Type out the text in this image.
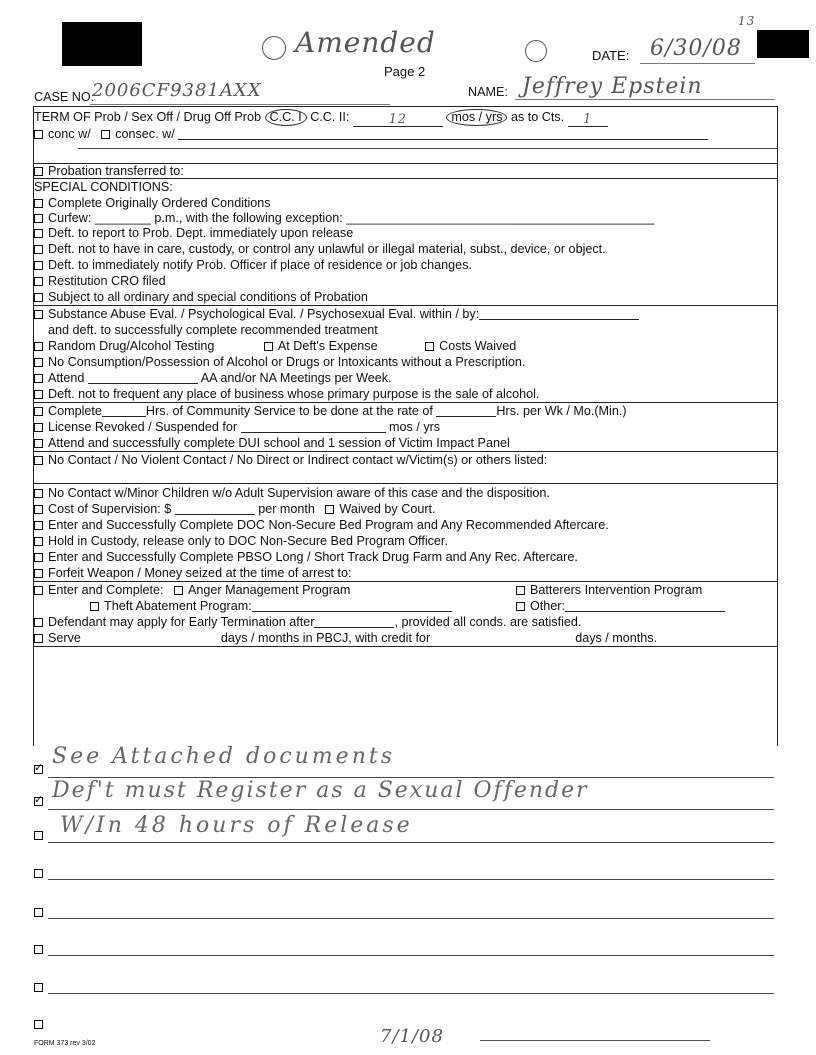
Amended
Page 2
DATE: 6/30/08
13
CASE NO.
2006CF9381AXX	NAME: Jeffrey Epstein
TERM OF Prob / Sex Off / Drug Off Prob C.C. I C.C. II:	12	mos / yrs as to Cts. 1
conc w/ consec. w/
Probation transferred to:
SPECIAL CONDITIONS:
Complete Originally Ordered Conditions
Curfew: ________ p.m., with the following exception: ____________________________________________
Deft. to report to Prob. Dept. immediately upon release
Deft. not to have in care, custody, or control any unlawful or illegal material, subst., device, or object.
Deft. to immediately notify Prob. Officer if place of residence or job changes.
Restitution CRO filed
Subject to all ordinary and special conditions of Probation
Substance Abuse Eval. / Psychological Eval. / Psychosexual Eval. within / by:
and deft. to successfully complete recommended treatment
Random Drug/Alcohol Testing	At Deft's Expense	Costs Waived
No Consumption/Possession of Alcohol or Drugs or Intoxicants without a Prescription.
Attend	AA and/or NA Meetings per Week.
Deft. not to frequent any place of business whose primary purpose is the sale of alcohol.
Complete	Hrs. of Community Service to be done at the rate of	Hrs. per Wk / Mo.(Min.)
License Revoked / Suspended for	mos / yrs
Attend and successfully complete DUI school and 1 session of Victim Impact Panel
No Contact / No Violent Contact / No Direct or Indirect contact w/Victim(s) or others listed:
No Contact w/Minor Children w/o Adult Supervision aware of this case and the disposition.
Cost of Supervision: $	per month Waived by Court.
Enter and Successfully Complete DOC Non-Secure Bed Program and Any Recommended Aftercare.
Hold in Custody, release only to DOC Non-Secure Bed Program Officer.
Enter and Successfully Complete PBSO Long / Short Track Drug Farm and Any Rec. Aftercare.
Forfeit Weapon / Money seized at the time of arrest to:
Enter and Complete: Anger Management Program	Batterers Intervention Program
Theft Abatement Program:	Other:
Defendant may apply for Early Termination after	, provided all conds. are satisfied.
Serve	days / months in PBCJ, with credit for	days / months.
✓
See Attached documents
✓
Def't must Register as a Sexual Offender
W/In 48 hours of Release
FORM 373 rev 3/02	7/1/08
